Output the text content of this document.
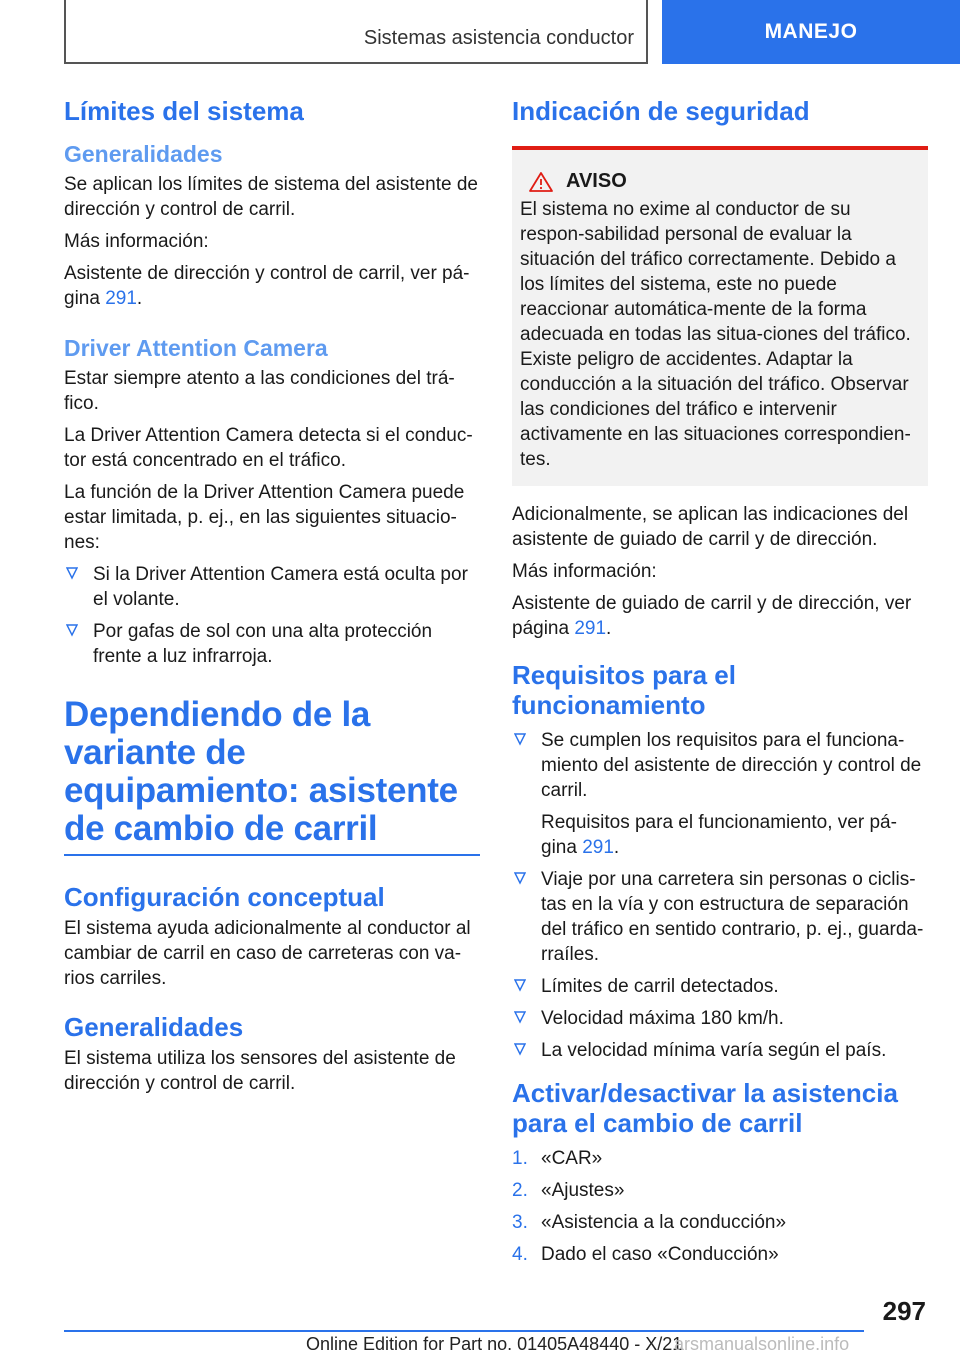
Sistemas asistencia conductor	MANEJO
Límites del sistema
Generalidades

Se aplican los límites de sistema del asistente de dirección y control de carril.

Más información:

Asistente de dirección y control de carril, ver pá-gina 291.

Driver Attention Camera

Estar siempre atento a las condiciones del trá-fico.

La Driver Attention Camera detecta si el conduc-tor está concentrado en el tráfico.

La función de la Driver Attention Camera puede estar limitada, p. ej., en las siguientes situacio-nes:

Si la Driver Attention Camera está oculta por el volante.
Por gafas de sol con una alta protección frente a luz infrarroja.
Dependiendo de la variante de equipamiento: asistente de cambio de carril
Configuración conceptual

El sistema ayuda adicionalmente al conductor al cambiar de carril en caso de carreteras con va-rios carriles.

Generalidades

El sistema utiliza los sensores del asistente de dirección y control de carril.

Indicación de seguridad
AVISO

El sistema no exime al conductor de su respon-sabilidad personal de evaluar la situación del tráfico correctamente. Debido a los límites del sistema, este no puede reaccionar automática-mente de la forma adecuada en todas las situa-ciones del tráfico. Existe peligro de accidentes. Adaptar la conducción a la situación del tráfico. Observar las condiciones del tráfico e intervenir activamente en las situaciones correspondien-tes.

Adicionalmente, se aplican las indicaciones del asistente de guiado de carril y de dirección.

Más información:

Asistente de guiado de carril y de dirección, ver página 291.

Requisitos para el funcionamiento
Se cumplen los requisitos para el funciona-miento del asistente de dirección y control de carril.
Requisitos para el funcionamiento, ver pá-gina 291.
Viaje por una carretera sin personas o ciclis-tas en la vía y con estructura de separación del tráfico en sentido contrario, p. ej., guarda-rraíles.
Límites de carril detectados.
Velocidad máxima 180 km/h.
La velocidad mínima varía según el país.
Activar/desactivar la asistencia para el cambio de carril
1. «CAR»
2. «Ajustes»
3. «Asistencia a la conducción»
4. Dado el caso «Conducción»
297
Online Edition for Part no. 01405A48440 - X/21
arsmanualsonline.info
